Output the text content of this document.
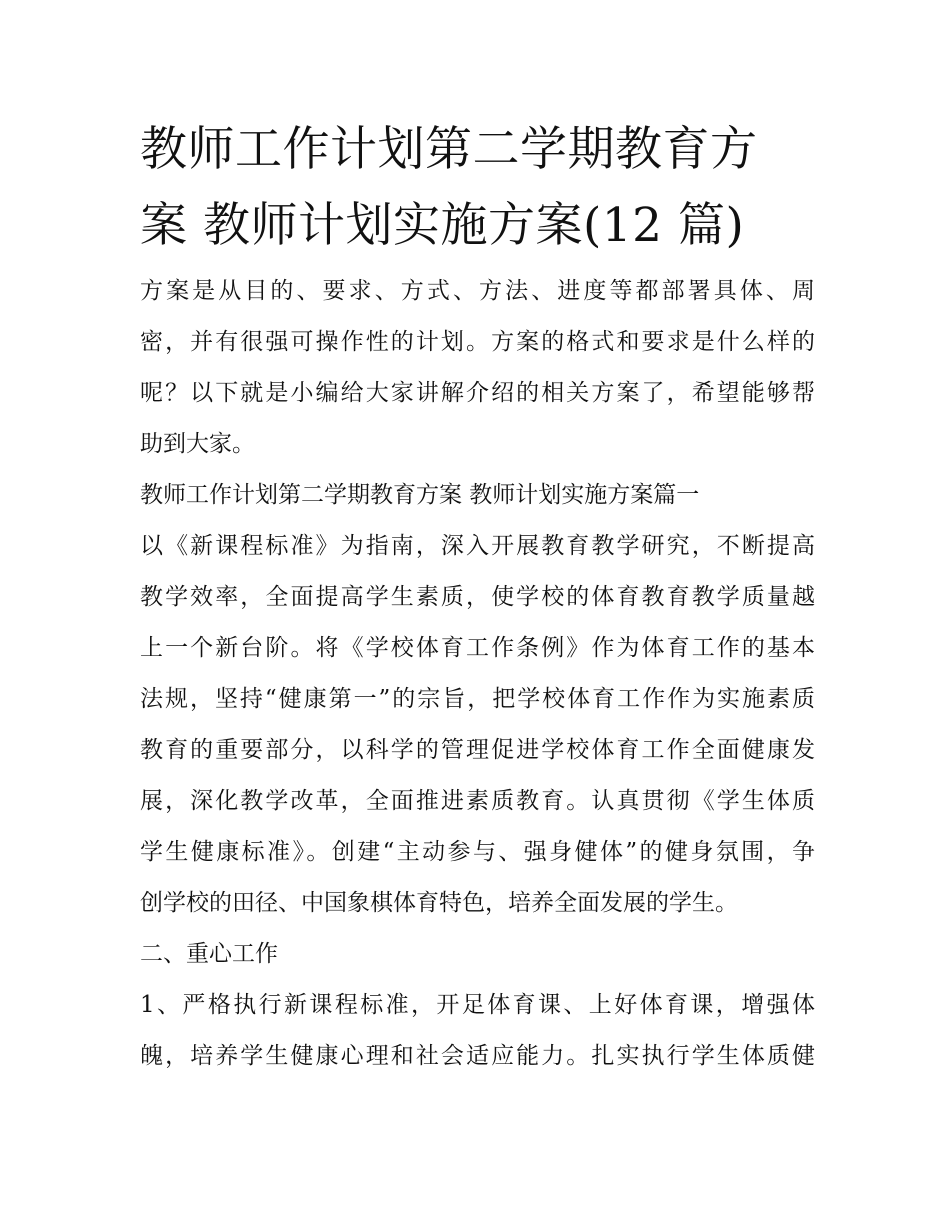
教师工作计划第二学期教育方
案 教师计划实施方案(12 篇)
方案是从目的、要求、方式、方法、进度等都部署具体、周
密，并有很强可操作性的计划。方案的格式和要求是什么样的
呢？以下就是小编给大家讲解介绍的相关方案了，希望能够帮
助到大家。
教师工作计划第二学期教育方案 教师计划实施方案篇一
以《新课程标准》为指南，深入开展教育教学研究，不断提高
教学效率，全面提高学生素质，使学校的体育教育教学质量越
上一个新台阶。将《学校体育工作条例》作为体育工作的基本
法规，坚持“健康第一”的宗旨，把学校体育工作作为实施素质
教育的重要部分，以科学的管理促进学校体育工作全面健康发
展，深化教学改革，全面推进素质教育。认真贯彻《学生体质
学生健康标准》。创建“主动参与、强身健体”的健身氛围，争
创学校的田径、中国象棋体育特色，培养全面发展的学生。
二、重心工作
1、严格执行新课程标准，开足体育课、上好体育课，增强体
魄，培养学生健康心理和社会适应能力。扎实执行学生体质健
